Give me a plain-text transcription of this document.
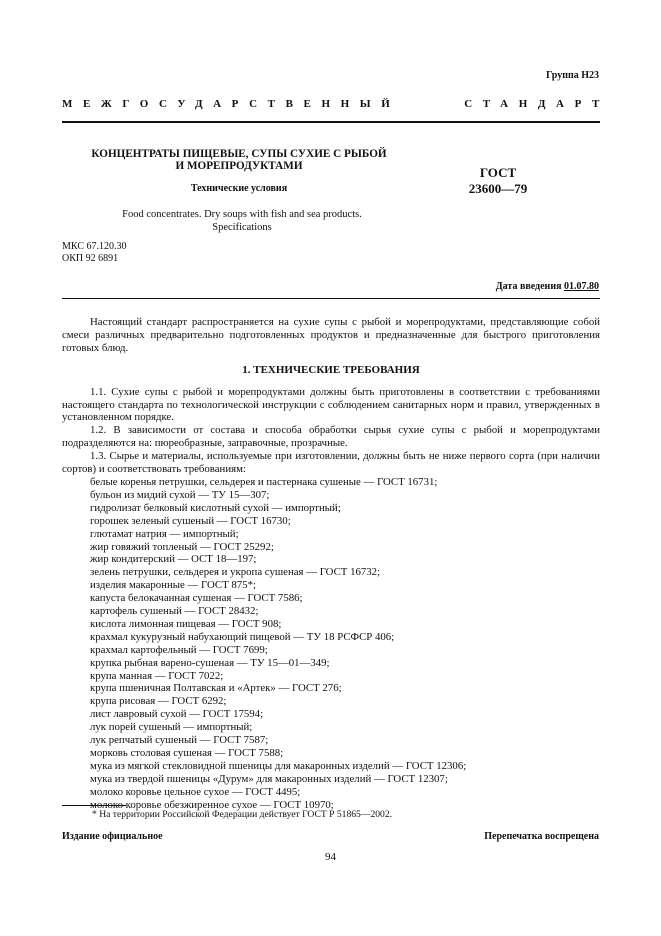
Группа Н23
МЕЖГОСУДАРСТВЕННЫЙ	СТАНДАРТ
КОНЦЕНТРАТЫ ПИЩЕВЫЕ, СУПЫ СУХИЕ С РЫБОЙ
И МОРЕПРОДУКТАМИ
Технические условия
ГОСТ
23600—79
Food concentrates. Dry soups with fish and sea products.
Specifications
МКС 67.120.30
ОКП 92 6891
Дата введения 01.07.80

Настоящий стандарт распространяется на сухие супы с рыбой и морепродуктами, представляющие собой смеси различных предварительно подготовленных продуктов и предназначенные для быстрого приготовления готовых блюд.

1. ТЕХНИЧЕСКИЕ ТРЕБОВАНИЯ

1.1. Сухие супы с рыбой и морепродуктами должны быть приготовлены в соответствии с требованиями настоящего стандарта по технологической инструкции с соблюдением санитарных норм и правил, утвержденных в установленном порядке.

1.2. В зависимости от состава и способа обработки сырья сухие супы с рыбой и морепродуктами подразделяются на: пюреобразные, заправочные, прозрачные.

1.3. Сырье и материалы, используемые при изготовлении, должны быть не ниже первого сорта (при наличии сортов) и соответствовать требованиям:

белые коренья петрушки, сельдерея и пастернака сушеные — ГОСТ 16731;

бульон из мидий сухой — ТУ 15—307;

гидролизат белковый кислотный сухой — импортный;

горошек зеленый сушеный — ГОСТ 16730;

глютамат натрия — импортный;

жир говяжий топленый — ГОСТ 25292;

жир кондитерский — ОСТ 18—197;

зелень петрушки, сельдерея и укропа сушеная — ГОСТ 16732;

изделия макаронные — ГОСТ 875*;

капуста белокачанная сушеная — ГОСТ 7586;

картофель сушеный — ГОСТ 28432;

кислота лимонная пищевая — ГОСТ 908;

крахмал кукурузный набухающий пищевой — ТУ 18 РСФСР 406;

крахмал картофельный — ГОСТ 7699;

крупка рыбная варено-сушеная — ТУ 15—01—349;

крупа манная — ГОСТ 7022;

крупа пшеничная Полтавская и «Артек» — ГОСТ 276;

крупа рисовая — ГОСТ 6292;

лист лавровый сухой — ГОСТ 17594;

лук порей сушеный — импортный;

лук репчатый сушеный — ГОСТ 7587;

морковь столовая сушеная — ГОСТ 7588;

мука из мягкой стекловидной пшеницы для макаронных изделий — ГОСТ 12306;

мука из твердой пшеницы «Дурум» для макаронных изделий — ГОСТ 12307;

молоко коровье цельное сухое — ГОСТ 4495;

молоко коровье обезжиренное сухое — ГОСТ 10970;

* На территории Российской Федерации действует ГОСТ Р 51865—2002.
Издание официальное	Перепечатка воспрещена
94
